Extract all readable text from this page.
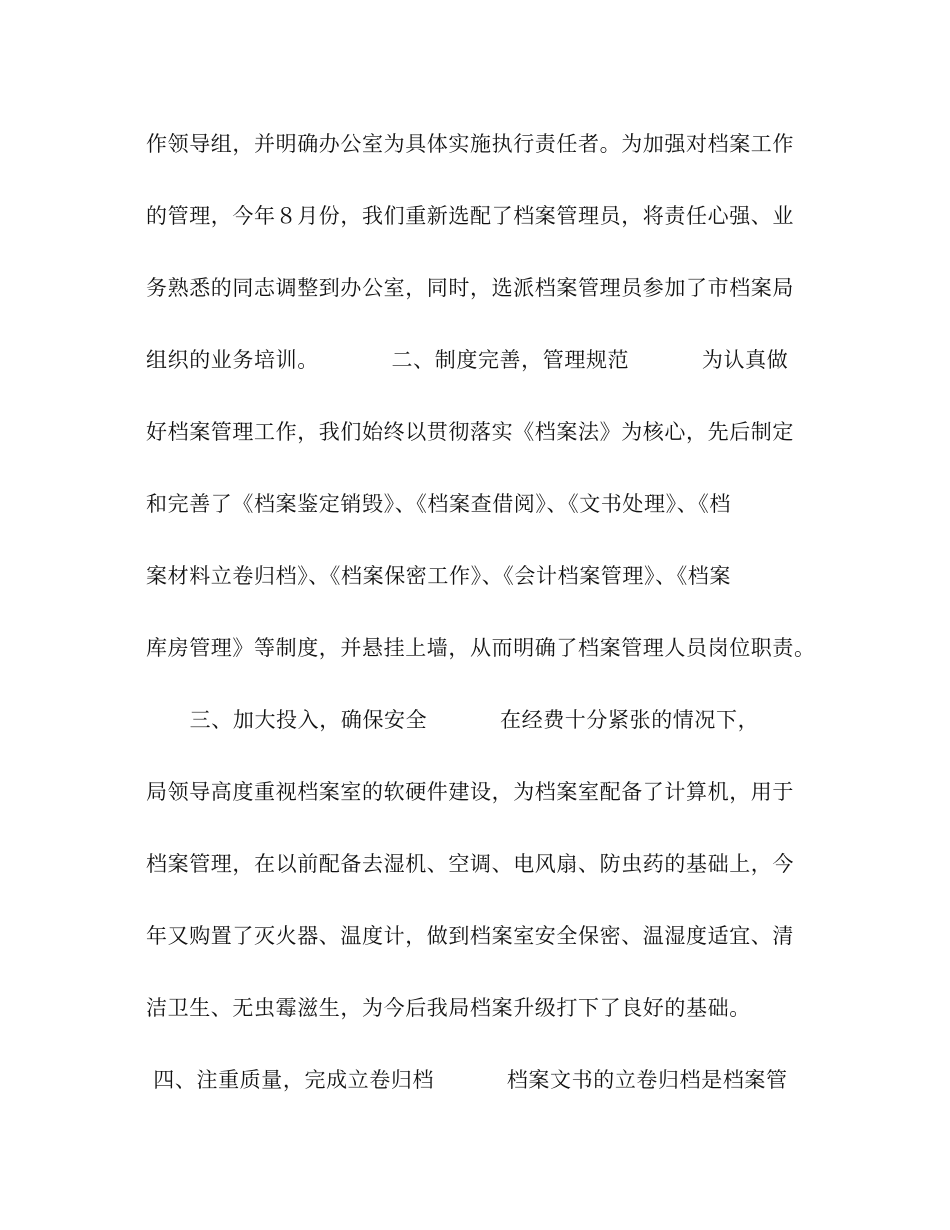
作领导组，并明确办公室为具体实施执行责任者。为加强对档案工作
的管理，今年８月份，我们重新选配了档案管理员，将责任心强、业
务熟悉的同志调整到办公室，同时，选派档案管理员参加了市档案局
组织的业务培训。          二、制度完善，管理规范          为认真做
好档案管理工作，我们始终以贯彻落实《档案法》为核心，先后制定
和完善了《档案鉴定销毁》、《档案查借阅》、《文书处理》、《档
案材料立卷归档》、《档案保密工作》、《会计档案管理》、《档案
库房管理》等制度，并悬挂上墙，从而明确了档案管理人员岗位职责。
三、加大投入，确保安全          在经费十分紧张的情况下，
局领导高度重视档案室的软硬件建设，为档案室配备了计算机，用于
档案管理，在以前配备去湿机、空调、电风扇、防虫药的基础上，今
年又购置了灭火器、温度计，做到档案室安全保密、温湿度适宜、清
洁卫生、无虫霉滋生，为今后我局档案升级打下了良好的基础。
四、注重质量，完成立卷归档          档案文书的立卷归档是档案管
